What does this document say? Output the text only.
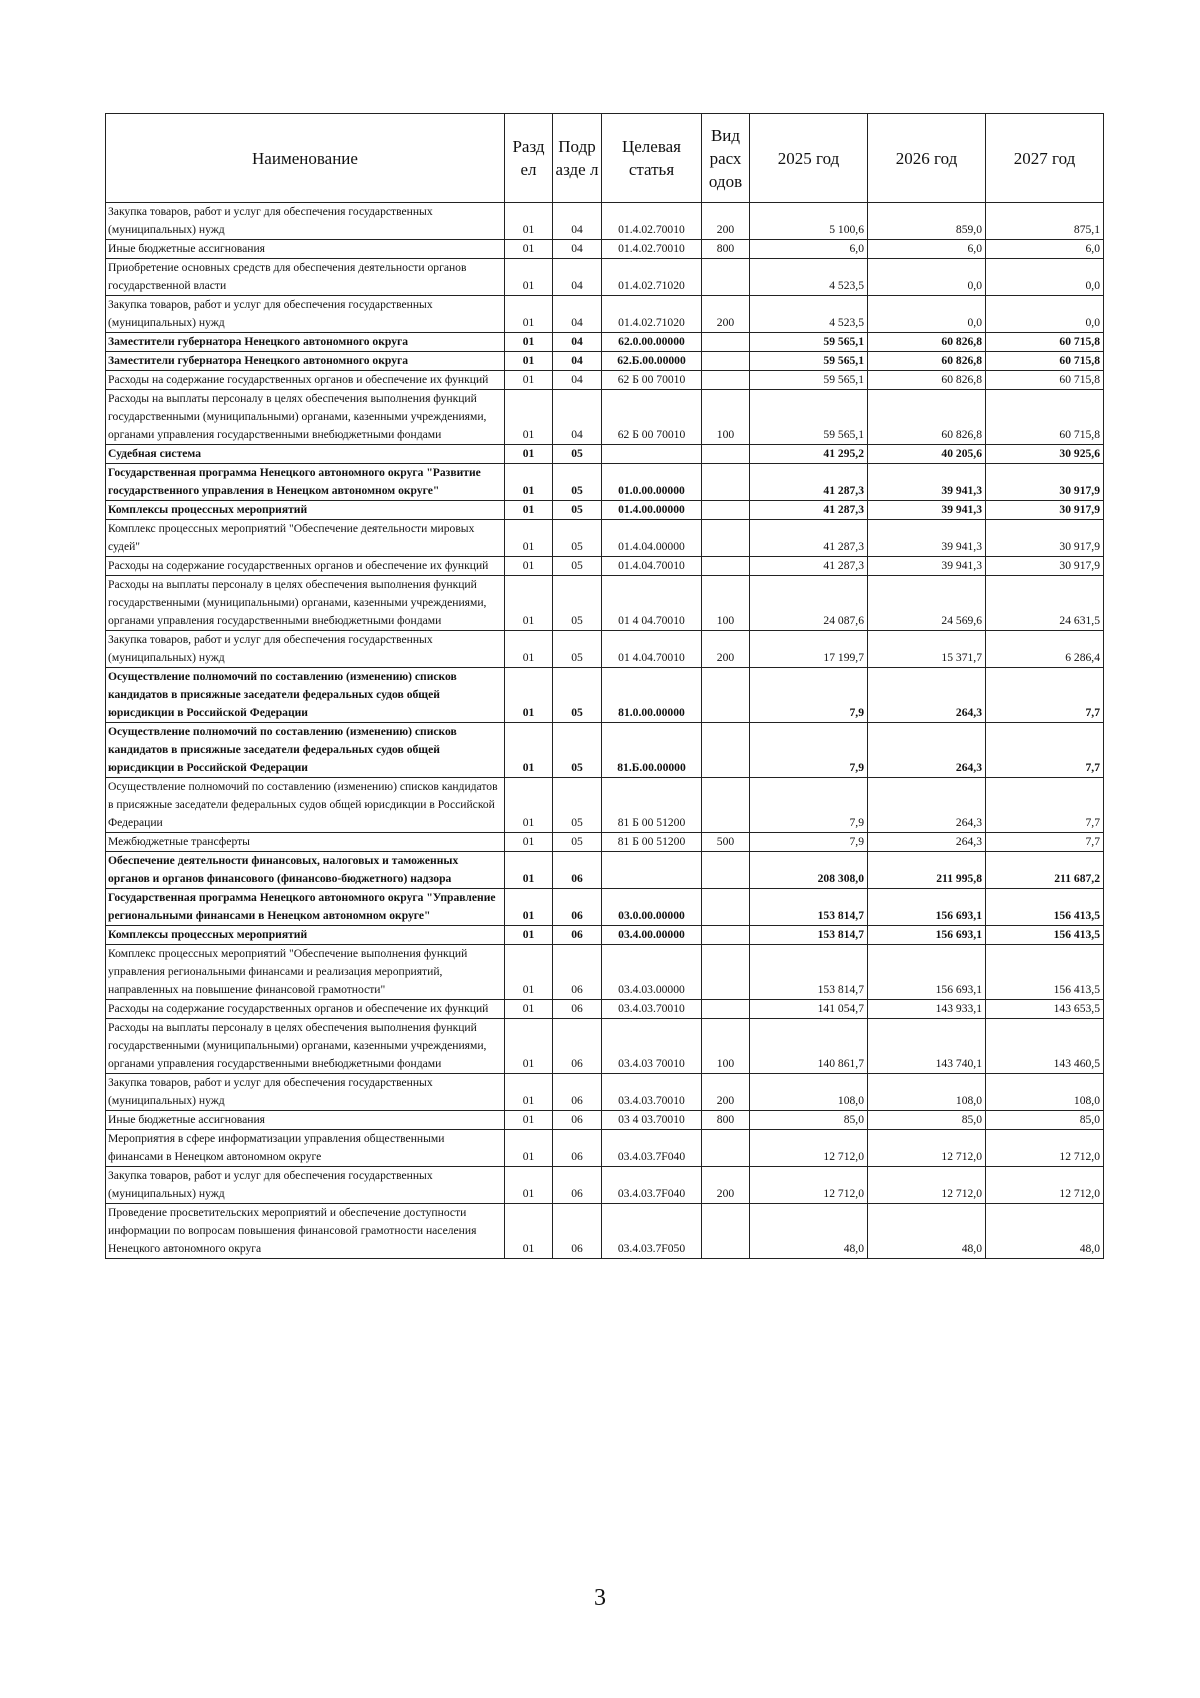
Наименование	Разд ел	Подр азде л	Целевая статья	Вид расх одов	2025 год	2026 год	2027 год
Закупка товаров, работ и услуг для обеспечения государственных (муниципальных) нужд	01	04	01.4.02.70010	200	5 100,6	859,0	875,1
Иные бюджетные ассигнования	01	04	01.4.02.70010	800	6,0	6,0	6,0
Приобретение основных средств для обеспечения деятельности органов государственной власти	01	04	01.4.02.71020		4 523,5	0,0	0,0
Закупка товаров, работ и услуг для обеспечения государственных (муниципальных) нужд	01	04	01.4.02.71020	200	4 523,5	0,0	0,0
Заместители губернатора Ненецкого автономного округа	01	04	62.0.00.00000		59 565,1	60 826,8	60 715,8
Заместители губернатора Ненецкого автономного округа	01	04	62.Б.00.00000		59 565,1	60 826,8	60 715,8
Расходы на содержание государственных органов и обеспечение их функций	01	04	62 Б 00 70010		59 565,1	60 826,8	60 715,8
Расходы на выплаты персоналу в целях обеспечения выполнения функций государственными (муниципальными) органами, казенными учреждениями, органами управления государственными внебюджетными фондами	01	04	62 Б 00 70010	100	59 565,1	60 826,8	60 715,8
Судебная система	01	05			41 295,2	40 205,6	30 925,6
Государственная программа Ненецкого автономного округа "Развитие государственного управления в Ненецком автономном округе"	01	05	01.0.00.00000		41 287,3	39 941,3	30 917,9
Комплексы процессных мероприятий	01	05	01.4.00.00000		41 287,3	39 941,3	30 917,9
Комплекс процессных мероприятий "Обеспечение деятельности мировых судей"	01	05	01.4.04.00000		41 287,3	39 941,3	30 917,9
Расходы на содержание государственных органов и обеспечение их функций	01	05	01.4.04.70010		41 287,3	39 941,3	30 917,9
Расходы на выплаты персоналу в целях обеспечения выполнения функций государственными (муниципальными) органами, казенными учреждениями, органами управления государственными внебюджетными фондами	01	05	01 4 04.70010	100	24 087,6	24 569,6	24 631,5
Закупка товаров, работ и услуг для обеспечения государственных (муниципальных) нужд	01	05	01 4.04.70010	200	17 199,7	15 371,7	6 286,4
Осуществление полномочий по составлению (изменению) списков кандидатов в присяжные заседатели федеральных судов общей юрисдикции в Российской Федерации	01	05	81.0.00.00000		7,9	264,3	7,7
Осуществление полномочий по составлению (изменению) списков кандидатов в присяжные заседатели федеральных судов общей юрисдикции в Российской Федерации	01	05	81.Б.00.00000		7,9	264,3	7,7
Осуществление полномочий по составлению (изменению) списков кандидатов в присяжные заседатели федеральных судов общей юрисдикции в Российской Федерации	01	05	81 Б 00 51200		7,9	264,3	7,7
Межбюджетные трансферты	01	05	81 Б 00 51200	500	7,9	264,3	7,7
Обеспечение деятельности финансовых, налоговых и таможенных органов и органов финансового (финансово-бюджетного) надзора	01	06			208 308,0	211 995,8	211 687,2
Государственная программа Ненецкого автономного округа "Управление региональными финансами в Ненецком автономном округе"	01	06	03.0.00.00000		153 814,7	156 693,1	156 413,5
Комплексы процессных мероприятий	01	06	03.4.00.00000		153 814,7	156 693,1	156 413,5
Комплекс процессных мероприятий "Обеспечение выполнения функций управления региональными финансами и реализация мероприятий, направленных на повышение финансовой грамотности"	01	06	03.4.03.00000		153 814,7	156 693,1	156 413,5
Расходы на содержание государственных органов и обеспечение их функций	01	06	03.4.03.70010		141 054,7	143 933,1	143 653,5
Расходы на выплаты персоналу в целях обеспечения выполнения функций государственными (муниципальными) органами, казенными учреждениями, органами управления государственными внебюджетными фондами	01	06	03.4.03 70010	100	140 861,7	143 740,1	143 460,5
Закупка товаров, работ и услуг для обеспечения государственных (муниципальных) нужд	01	06	03.4.03.70010	200	108,0	108,0	108,0
Иные бюджетные ассигнования	01	06	03 4 03.70010	800	85,0	85,0	85,0
Мероприятия в сфере информатизации управления общественными финансами в Ненецком автономном округе	01	06	03.4.03.7F040		12 712,0	12 712,0	12 712,0
Закупка товаров, работ и услуг для обеспечения государственных (муниципальных) нужд	01	06	03.4.03.7F040	200	12 712,0	12 712,0	12 712,0
Проведение просветительских мероприятий и обеспечение доступности информации по вопросам повышения финансовой грамотности населения Ненецкого автономного округа	01	06	03.4.03.7F050		48,0	48,0	48,0
3
